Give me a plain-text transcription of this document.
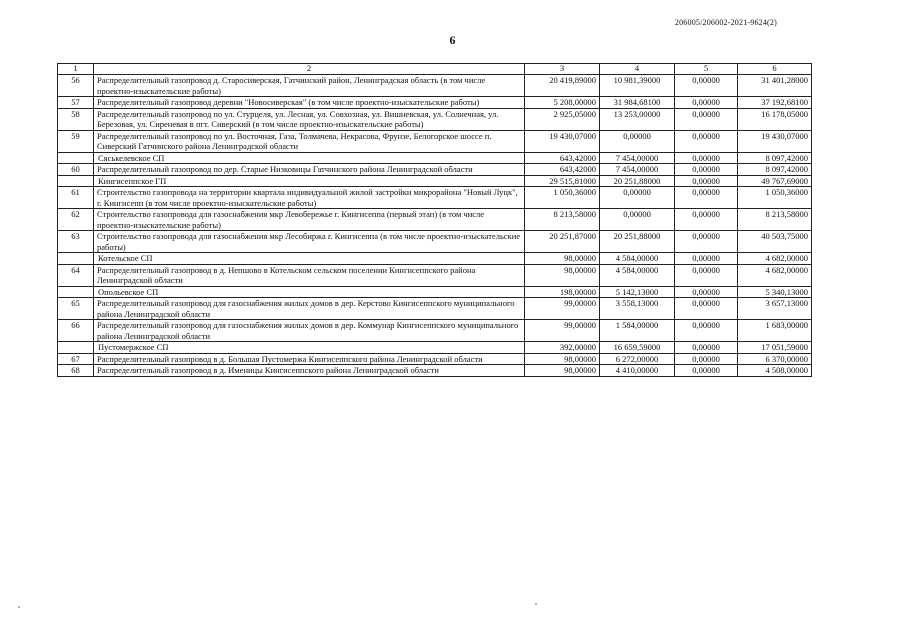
206005/206002-2021-9624(2)
6
1	2	3	4	5	6
56	Распределительный газопровод д. Старосиверская, Гатчинский район, Ленинградская область (в том числе проектно-изыскательские работы)	20 419,89000	10 981,39000	0,00000	31 401,28000
57	Распределительный газопровод деревни "Новосиверская" (в том числе проектно-изыскательские работы)	5 208,00000	31 984,68100	0,00000	37 192,68100
58	Распределительный газопровод по ул. Стурцеля, ул. Лесная, ул. Совхозная, ул. Вишневская, ул. Солнечная, ул. Березовая, ул. Сиреневая в пгт. Сиверский (в том числе проектно-изыскательские работы)	2 925,05000	13 253,00000	0,00000	16 178,05000
59	Распределительный газопровод по ул. Восточная, Газа, Толмачева, Некрасова, Фрунзе, Белогорское шоссе п. Сиверский Гатчинского района Ленинградской области	19 430,07000	0,00000	0,00000	19 430,07000
	Сяськелевское СП	643,42000	7 454,00000	0,00000	8 097,42000
60	Распределительный газопровод по дер. Старые Низковицы Гатчинского района Ленинградской области	643,42000	7 454,00000	0,00000	8 097,42000
	Кингисеппское ГП	29 515,81000	20 251,88000	0,00000	49 767,69000
61	Строительство газопровода на территории квартала индивидуальной жилой застройки микрорайона "Новый Луцк", г. Кингисепп (в том числе проектно-изыскательские работы)	1 050,36000	0,00000	0,00000	1 050,36000
62	Строительство газопровода для газоснабжения мкр Левобережье г. Кингисеппа (первый этап) (в том числе проектно-изыскательские работы)	8 213,58000	0,00000	0,00000	8 213,58000
63	Строительство газопровода для газоснабжения мкр Лесобиржа г. Кингисеппа (в том числе проектно-изыскательские работы)	20 251,87000	20 251,88000	0,00000	40 503,75000
	Котельское СП	98,00000	4 584,00000	0,00000	4 682,00000
64	Распределительный газопровод в д. Непшово в Котельском сельском поселении Кингисеппского района Ленинградской области	98,00000	4 584,00000	0,00000	4 682,00000
	Опольевское СП	198,00000	5 142,13000	0,00000	5 340,13000
65	Распределительный газопровод для газоснабжения жилых домов в дер. Керстово Кингисеппского муниципального района Ленинградской области	99,00000	3 558,13000	0,00000	3 657,13000
66	Распределительный газопровод для газоснабжения жилых домов в дер. Коммунар Кингисеппского муниципального района Ленинградской области	99,00000	1 584,00000	0,00000	1 683,00000
	Пустомержское СП	392,00000	16 659,59000	0,00000	17 051,59000
67	Распределительный газопровод в д. Большая Пустомержа Кингисеппского района Ленинградской области	98,00000	6 272,00000	0,00000	6 370,00000
68	Распределительный газопровод в д. Именицы Кингисеппского района Ленинградской области	98,00000	4 410,00000	0,00000	4 508,00000
